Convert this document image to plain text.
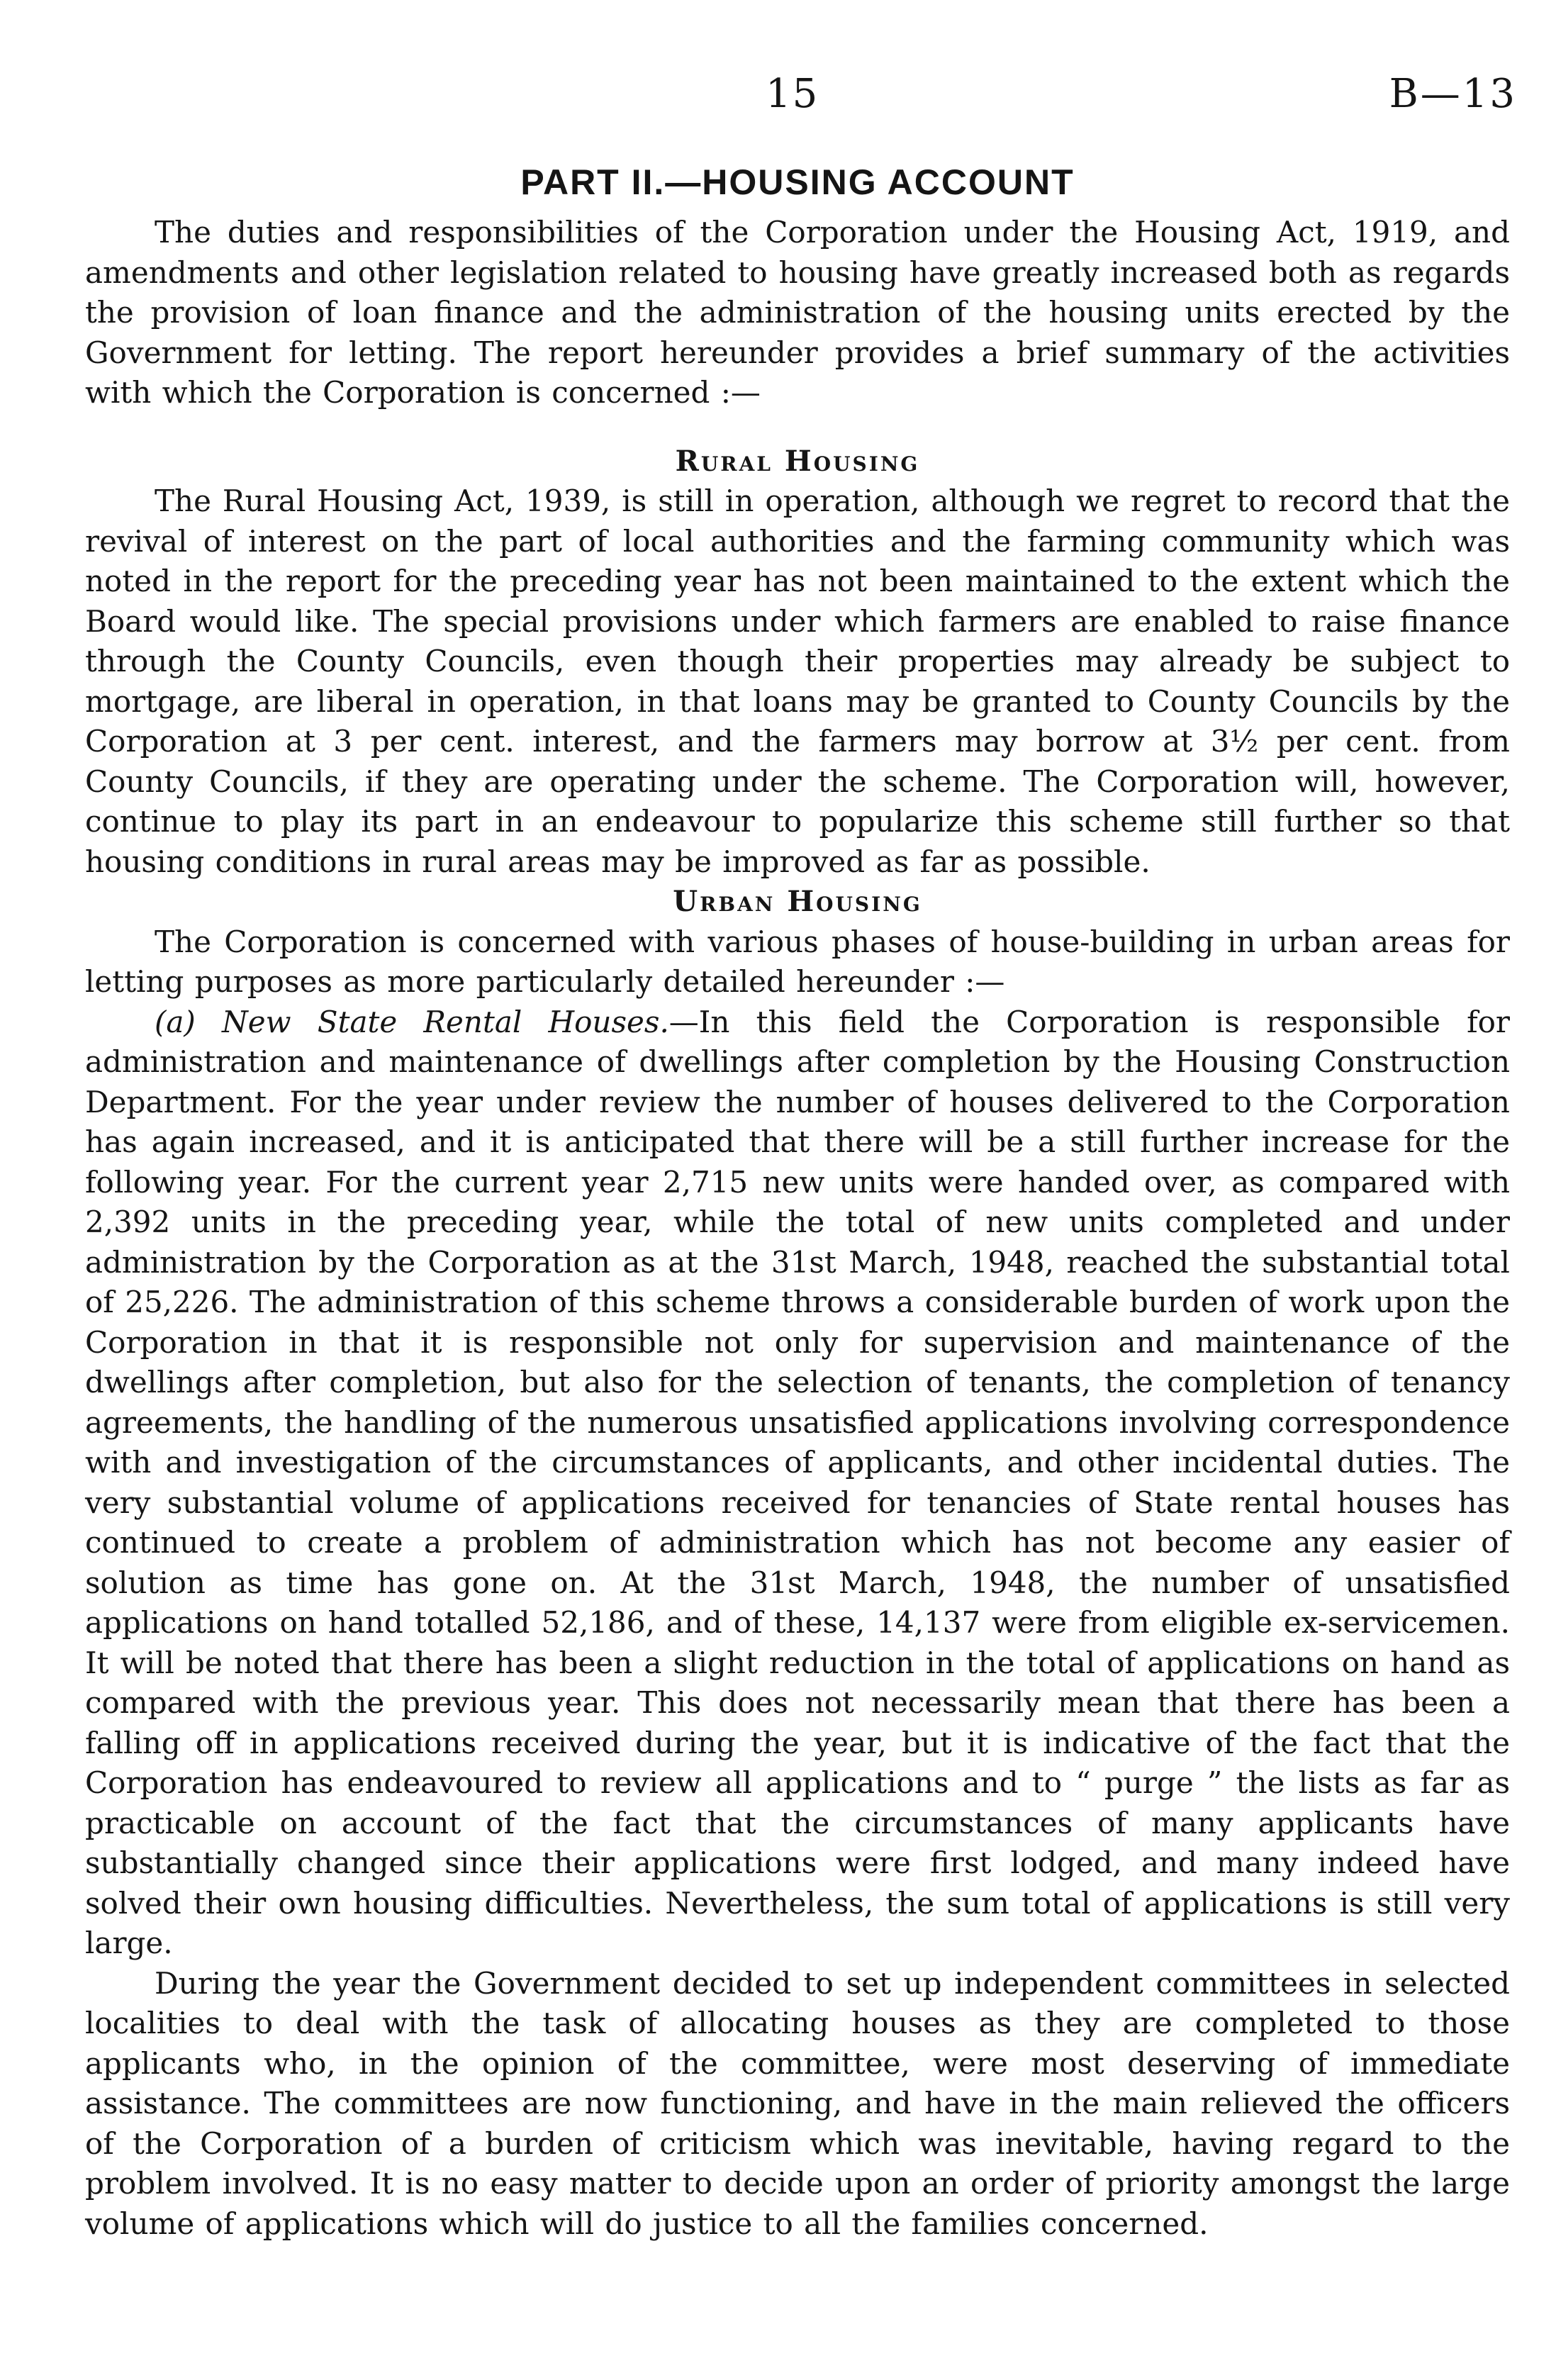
15	B—13
PART II.—HOUSING ACCOUNT

The duties and responsibilities of the Corporation under the Housing Act, 1919, and amendments and other legislation related to housing have greatly increased both as regards the provision of loan finance and the administration of the housing units erected by the Government for letting. The report hereunder provides a brief summary of the activities with which the Corporation is concerned :—

Rural Housing

The Rural Housing Act, 1939, is still in operation, although we regret to record that the revival of interest on the part of local authorities and the farming community which was noted in the report for the preceding year has not been maintained to the extent which the Board would like. The special provisions under which farmers are enabled to raise finance through the County Councils, even though their properties may already be subject to mortgage, are liberal in operation, in that loans may be granted to County Councils by the Corporation at 3 per cent. interest, and the farmers may borrow at 3½ per cent. from County Councils, if they are operating under the scheme. The Corporation will, however, continue to play its part in an endeavour to popularize this scheme still further so that housing conditions in rural areas may be improved as far as possible.

Urban Housing

The Corporation is concerned with various phases of house-building in urban areas for letting purposes as more particularly detailed hereunder :—

(a) New State Rental Houses.—In this field the Corporation is responsible for administration and maintenance of dwellings after completion by the Housing Construction Department. For the year under review the number of houses delivered to the Corporation has again increased, and it is anticipated that there will be a still further increase for the following year. For the current year 2,715 new units were handed over, as compared with 2,392 units in the preceding year, while the total of new units completed and under administration by the Corporation as at the 31st March, 1948, reached the substantial total of 25,226. The administration of this scheme throws a considerable burden of work upon the Corporation in that it is responsible not only for supervision and maintenance of the dwellings after completion, but also for the selection of tenants, the completion of tenancy agreements, the handling of the numerous unsatisfied applications involving correspondence with and investigation of the circumstances of applicants, and other incidental duties. The very substantial volume of applications received for tenancies of State rental houses has continued to create a problem of administration which has not become any easier of solution as time has gone on. At the 31st March, 1948, the number of unsatisfied applications on hand totalled 52,186, and of these, 14,137 were from eligible ex-servicemen. It will be noted that there has been a slight reduction in the total of applications on hand as compared with the previous year. This does not necessarily mean that there has been a falling off in applications received during the year, but it is indicative of the fact that the Corporation has endeavoured to review all applications and to “ purge ” the lists as far as practicable on account of the fact that the circumstances of many applicants have substantially changed since their applications were first lodged, and many indeed have solved their own housing difficulties. Nevertheless, the sum total of applications is still very large.

During the year the Government decided to set up independent committees in selected localities to deal with the task of allocating houses as they are completed to those applicants who, in the opinion of the committee, were most deserving of immediate assistance. The committees are now functioning, and have in the main relieved the officers of the Corporation of a burden of criticism which was inevitable, having regard to the problem involved. It is no easy matter to decide upon an order of priority amongst the large volume of applications which will do justice to all the families concerned.
